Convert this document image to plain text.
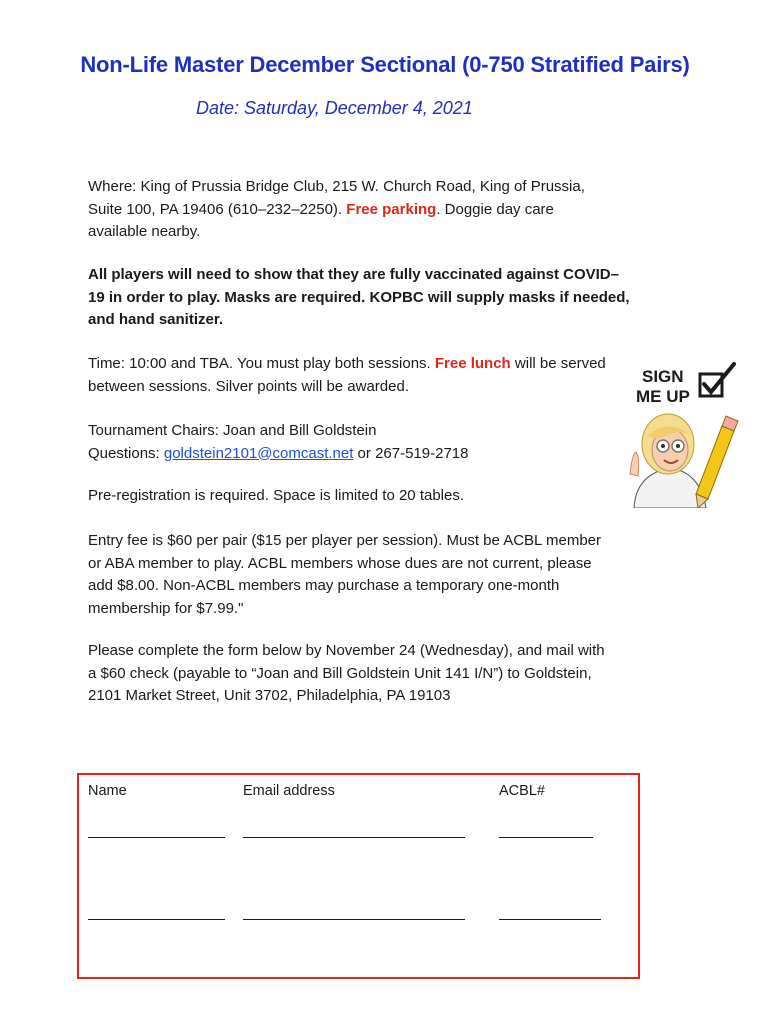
Non-Life Master December Sectional (0-750 Stratified Pairs)
Date: Saturday, December 4, 2021
Where: King of Prussia Bridge Club, 215 W. Church Road, King of Prussia,
Suite 100, PA 19406 (610–232–2250). Free parking. Doggie day care
available nearby.
All players will need to show that they are fully vaccinated against COVID–
19 in order to play. Masks are required. KOPBC will supply masks if needed,
and hand sanitizer.
Time: 10:00 and TBA. You must play both sessions. Free lunch will be served
between sessions. Silver points will be awarded.
Tournament Chairs: Joan and Bill Goldstein
Questions: goldstein2101@comcast.net or 267-519-2718
Pre-registration is required. Space is limited to 20 tables.
Entry fee is $60 per pair ($15 per player per session). Must be ACBL member
or ABA member to play. ACBL members whose dues are not current, please
add $8.00. Non-ACBL members may purchase a temporary one-month
membership for $7.99."
Please complete the form below by November 24 (Wednesday), and mail with
a $60 check (payable to “Joan and Bill Goldstein Unit 141 I/N”) to Goldstein,
2101 Market Street, Unit 3702, Philadelphia, PA 19103
SIGN
ME UP
Name	Email address	ACBL#
